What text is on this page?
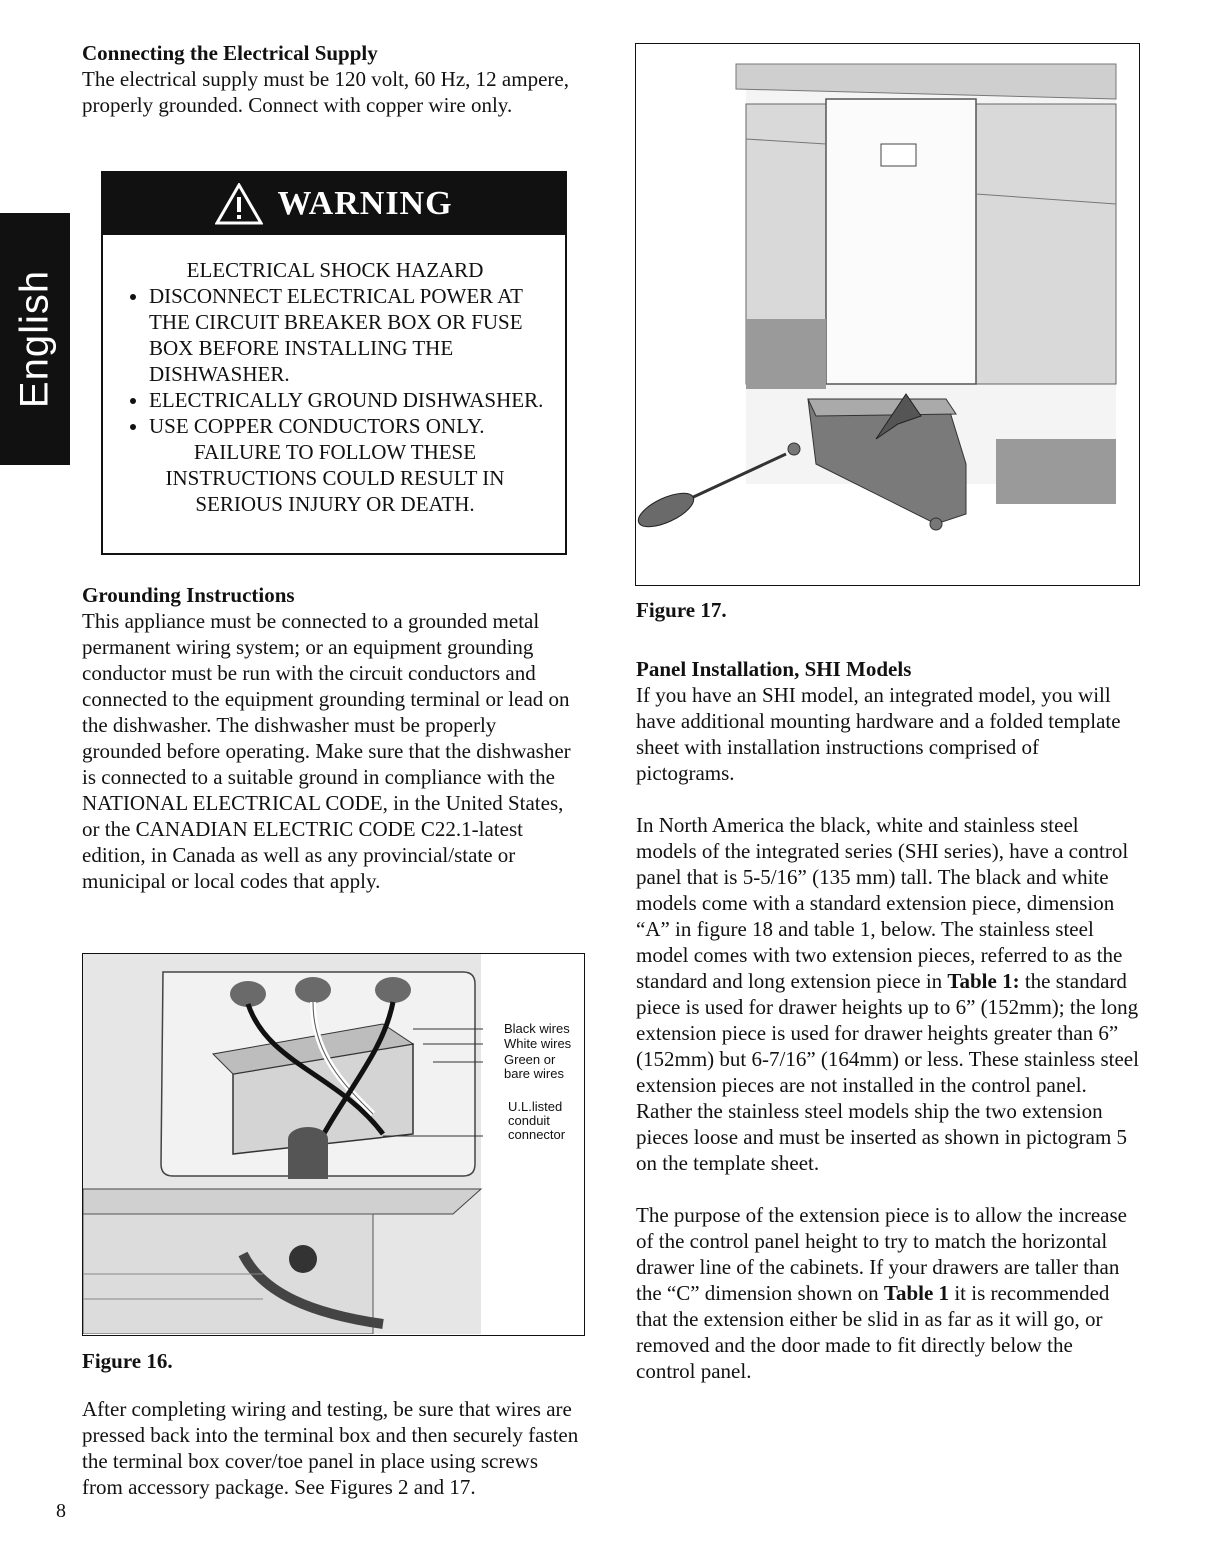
English

Connecting the Electrical Supply

The electrical supply must be 120 volt, 60 Hz, 12 ampere, properly grounded. Connect with copper wire only.

WARNING
ELECTRICAL SHOCK HAZARD
• DISCONNECT ELECTRICAL POWER AT THE CIRCUIT BREAKER BOX OR FUSE BOX BEFORE INSTALLING THE DISHWASHER.
• ELECTRICALLY GROUND DISHWASHER.
• USE COPPER CONDUCTORS ONLY.
FAILURE TO FOLLOW THESE INSTRUCTIONS COULD RESULT IN SERIOUS INJURY OR DEATH.

Grounding Instructions

This appliance must be connected to a grounded metal permanent wiring system; or an equipment grounding conductor must be run with the circuit conductors and connected to the equipment grounding terminal or lead on the dishwasher. The dishwasher must be properly grounded before operating. Make sure that the dishwasher is connected to a suitable ground in compliance with the NATIONAL ELECTRICAL CODE, in the United States, or the CANADIAN ELECTRIC CODE C22.1-latest edition, in Canada as well as any provincial/state or municipal or local codes that apply.

Black wires
White wires
Green or
bare wires
U.L.listed
conduit
connector
Figure 16.

After completing wiring and testing, be sure that wires are pressed back into the terminal box and then securely fasten the terminal box cover/toe panel in place using screws from accessory package. See Figures 2 and 17.

8
Figure 17.

Panel Installation, SHI Models

If you have an SHI model, an integrated model, you will have additional mounting hardware and a folded template sheet with installation instructions comprised of pictograms.

In North America the black, white and stainless steel models of the integrated series (SHI series), have a control panel that is 5-5/16” (135 mm) tall. The black and white models come with a standard extension piece, dimension “A” in figure 18 and table 1, below. The stainless steel model comes with two extension pieces, referred to as the standard and long extension piece in Table 1: the standard piece is used for drawer heights up to 6” (152mm); the long extension piece is used for drawer heights greater than 6” (152mm) but 6-7/16” (164mm) or less. These stainless steel extension pieces are not installed in the control panel. Rather the stainless steel models ship the two extension pieces loose and must be inserted as shown in pictogram 5 on the template sheet.

The purpose of the extension piece is to allow the increase of the control panel height to try to match the horizontal drawer line of the cabinets. If your drawers are taller than the “C” dimension shown on Table 1 it is recommended that the extension either be slid in as far as it will go, or removed and the door made to fit directly below the control panel.
